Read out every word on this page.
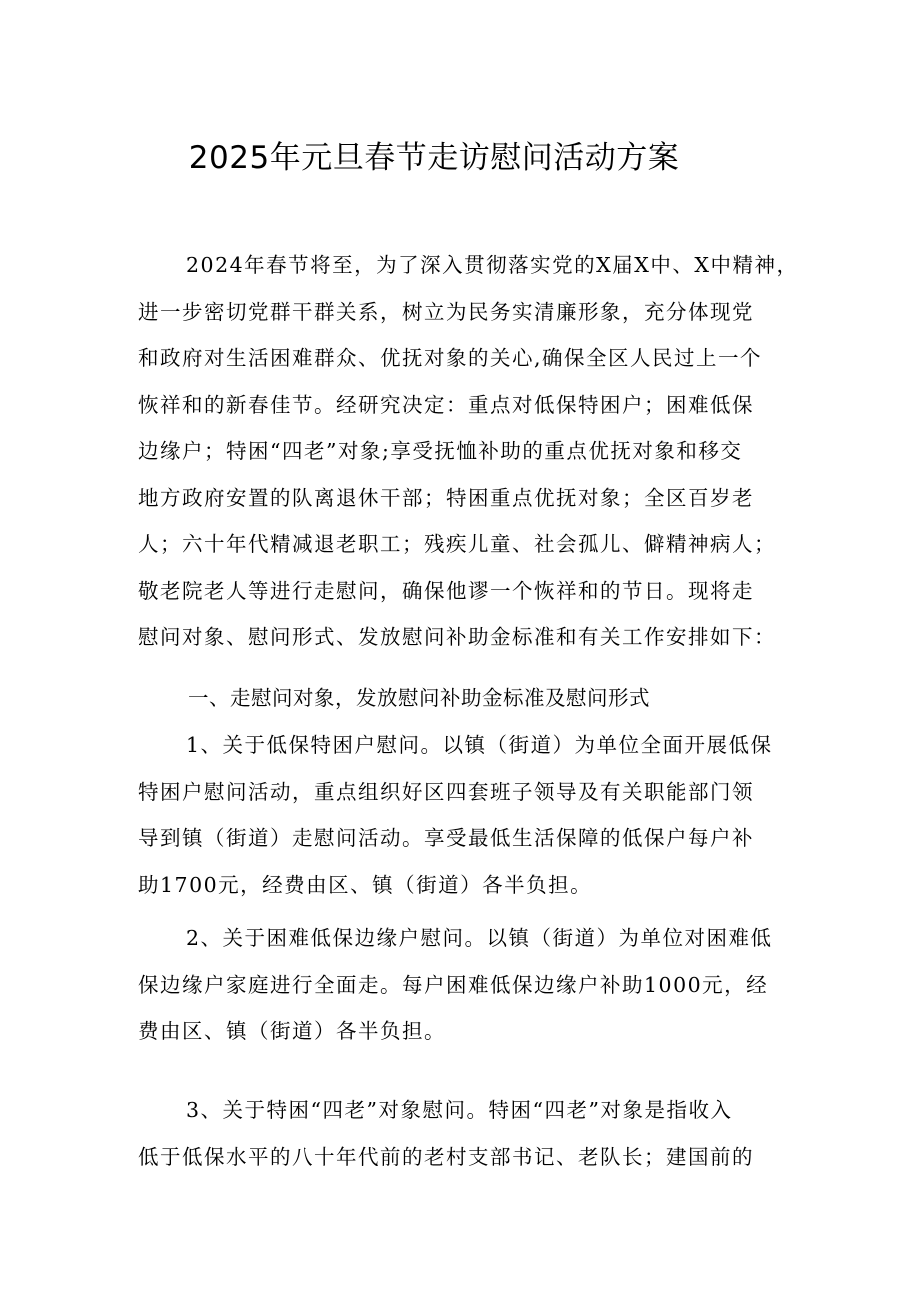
2025年元旦春节走访慰问活动方案
2024年春节将至，为了深入贯彻落实党的X届X中、X中精神，
进一步密切党群干群关系，树立为民务实清廉形象，充分体现党
和政府对生活困难群众、优抚对象的关心,确保全区人民过上一个
恢祥和的新春佳节。经研究决定：重点对低保特困户；困难低保
边缘户；特困“四老”对象;享受抚恤补助的重点优抚对象和移交
地方政府安置的队离退休干部；特困重点优抚对象；全区百岁老
人；六十年代精减退老职工；残疾儿童、社会孤儿、僻精神病人；
敬老院老人等进行走慰问，确保他谬一个恢祥和的节日。现将走
慰问对象、慰问形式、发放慰问补助金标准和有关工作安排如下：
一、走慰问对象，发放慰问补助金标准及慰问形式
1、关于低保特困户慰问。以镇（街道）为单位全面开展低保
特困户慰问活动，重点组织好区四套班子领导及有关职能部门领
导到镇（街道）走慰问活动。享受最低生活保障的低保户每户补
助1700元，经费由区、镇（街道）各半负担。
2、关于困难低保边缘户慰问。以镇（街道）为单位对困难低
保边缘户家庭进行全面走。每户困难低保边缘户补助1000元，经
费由区、镇（街道）各半负担。
3、关于特困“四老”对象慰问。特困“四老”对象是指收入
低于低保水平的八十年代前的老村支部书记、老队长；建国前的
